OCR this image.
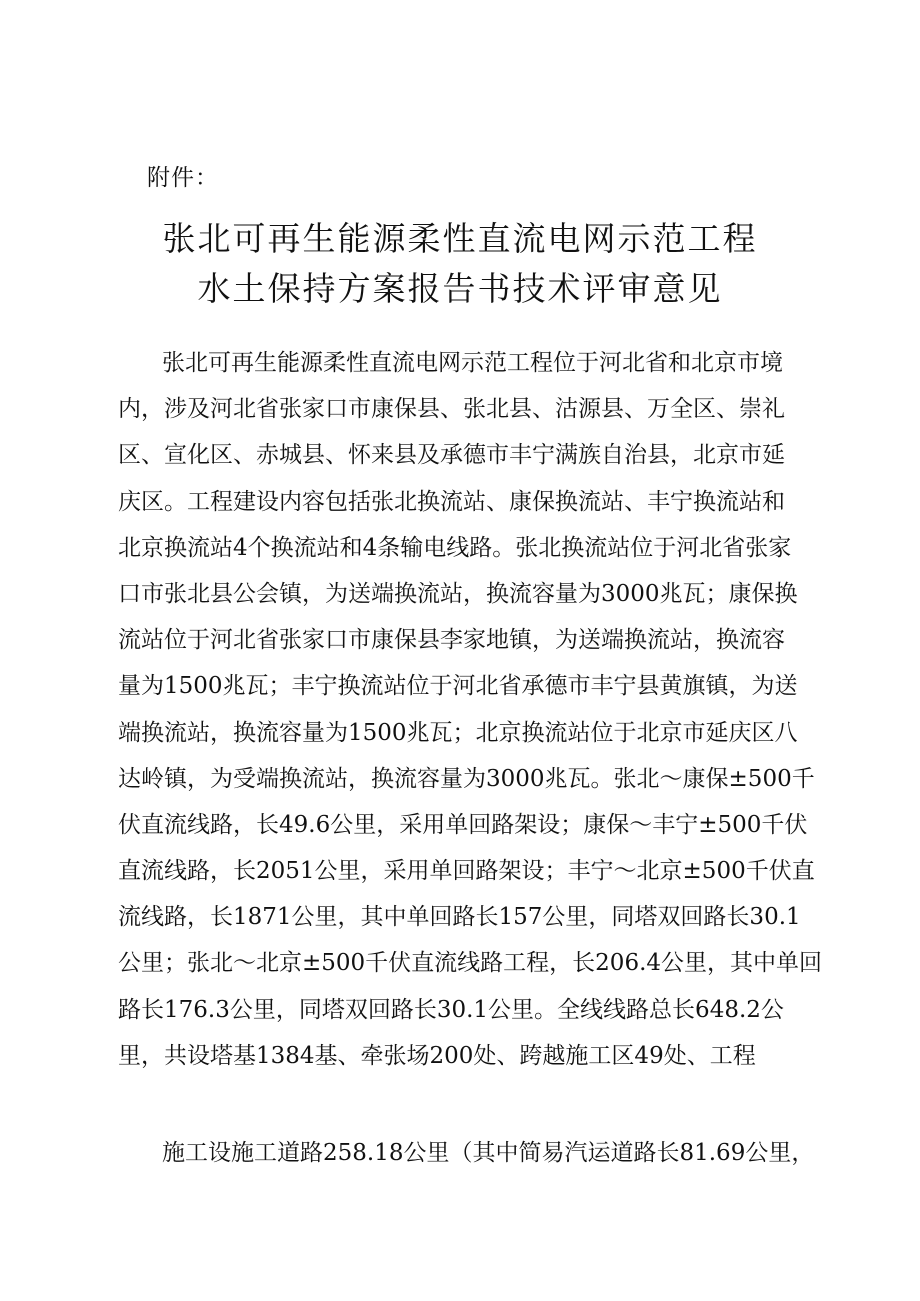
附件：
张北可再生能源柔性直流电网示范工程
水土保持方案报告书技术评审意见
张北可再生能源柔性直流电网示范工程位于河北省和北京市境
内，涉及河北省张家口市康保县、张北县、沽源县、万全区、崇礼
区、宣化区、赤城县、怀来县及承德市丰宁满族自治县，北京市延
庆区。工程建设内容包括张北换流站、康保换流站、丰宁换流站和
北京换流站4个换流站和4条输电线路。张北换流站位于河北省张家
口市张北县公会镇，为送端换流站，换流容量为3000兆瓦；康保换
流站位于河北省张家口市康保县李家地镇，为送端换流站，换流容
量为1500兆瓦；丰宁换流站位于河北省承德市丰宁县黄旗镇，为送
端换流站，换流容量为1500兆瓦；北京换流站位于北京市延庆区八
达岭镇，为受端换流站，换流容量为3000兆瓦。张北～康保±500千
伏直流线路，长49.6公里，采用单回路架设；康保～丰宁±500千伏
直流线路，长2051公里，采用单回路架设；丰宁～北京±500千伏直
流线路，长1871公里，其中单回路长157公里，同塔双回路长30.1
公里；张北～北京±500千伏直流线路工程，长206.4公里，其中单回
路长176.3公里，同塔双回路长30.1公里。全线线路总长648.2公
里，共设塔基1384基、牵张场200处、跨越施工区49处、工程
施工设施工道路258.18公里（其中简易汽运道路长81.69公里，
